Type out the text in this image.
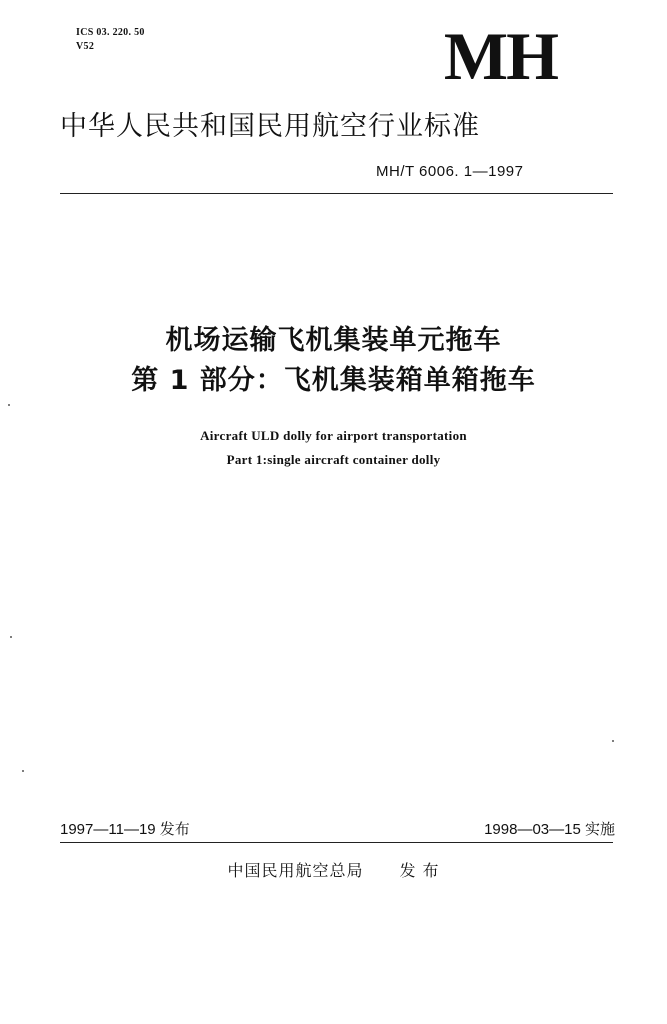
ICS 03. 220. 50
V52	MH
中华人民共和国民用航空行业标准
MH/T 6006. 1—1997
机场运输飞机集装单元拖车
第 1 部分：飞机集装箱单箱拖车
Aircraft ULD dolly for airport transportation
Part 1:single aircraft container dolly
1997—11—19 发布	1998—03—15 实施
中国民用航空总局 发 布
